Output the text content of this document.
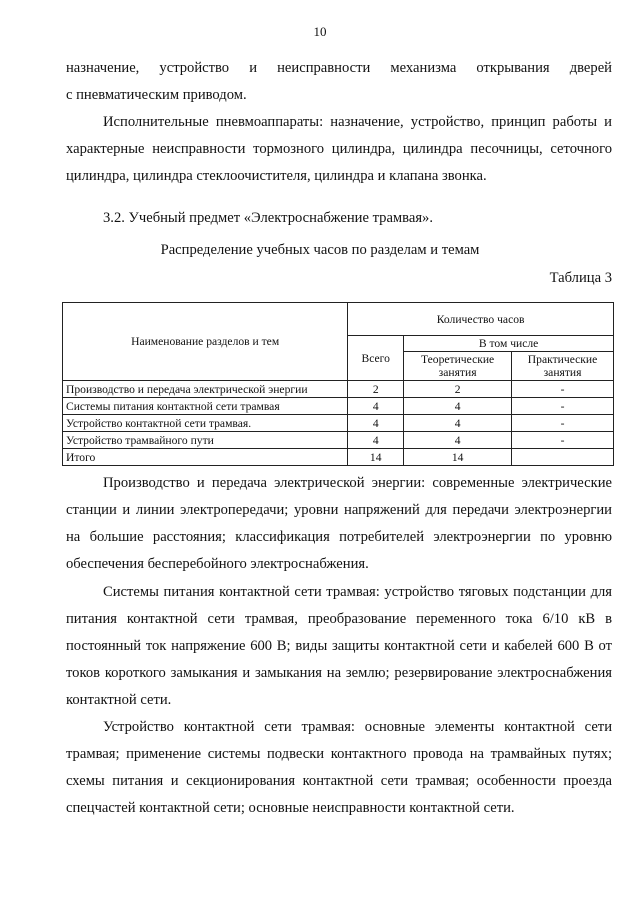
10
назначение, устройство и неисправности механизма открывания дверей
с пневматическим приводом.
Исполнительные пневмоаппараты: назначение, устройство, принцип работы и характерные неисправности тормозного цилиндра, цилиндра песочницы, сеточного цилиндра, цилиндра стеклоочистителя, цилиндра и клапана звонка.
3.2. Учебный предмет «Электроснабжение трамвая».
Распределение учебных часов по разделам и темам
Таблица 3
Наименование разделов и тем	Количество часов		
	Всего	В том числе	
		Теоретические занятия	Практические занятия
Производство и передача электрической энергии	2	2	-
Системы питания контактной сети трамвая	4	4	-
Устройство контактной сети трамвая.	4	4	-
Устройство трамвайного пути	4	4	-
Итого	14	14	
Производство и передача электрической энергии: современные электрические станции и линии электропередачи; уровни напряжений для передачи электроэнергии на большие расстояния; классификация потребителей электроэнергии по уровню обеспечения бесперебойного электроснабжения.
Системы питания контактной сети трамвая: устройство тяговых подстанции для питания контактной сети трамвая, преобразование переменного тока 6/10 кВ в постоянный ток напряжение 600 В; виды защиты контактной сети и кабелей 600 В от токов короткого замыкания и замыкания на землю; резервирование электроснабжения контактной сети.
Устройство контактной сети трамвая: основные элементы контактной сети трамвая; применение системы подвески контактного провода на трамвайных путях; схемы питания и секционирования контактной сети трамвая; особенности проезда спецчастей контактной сети; основные неисправности контактной сети.
